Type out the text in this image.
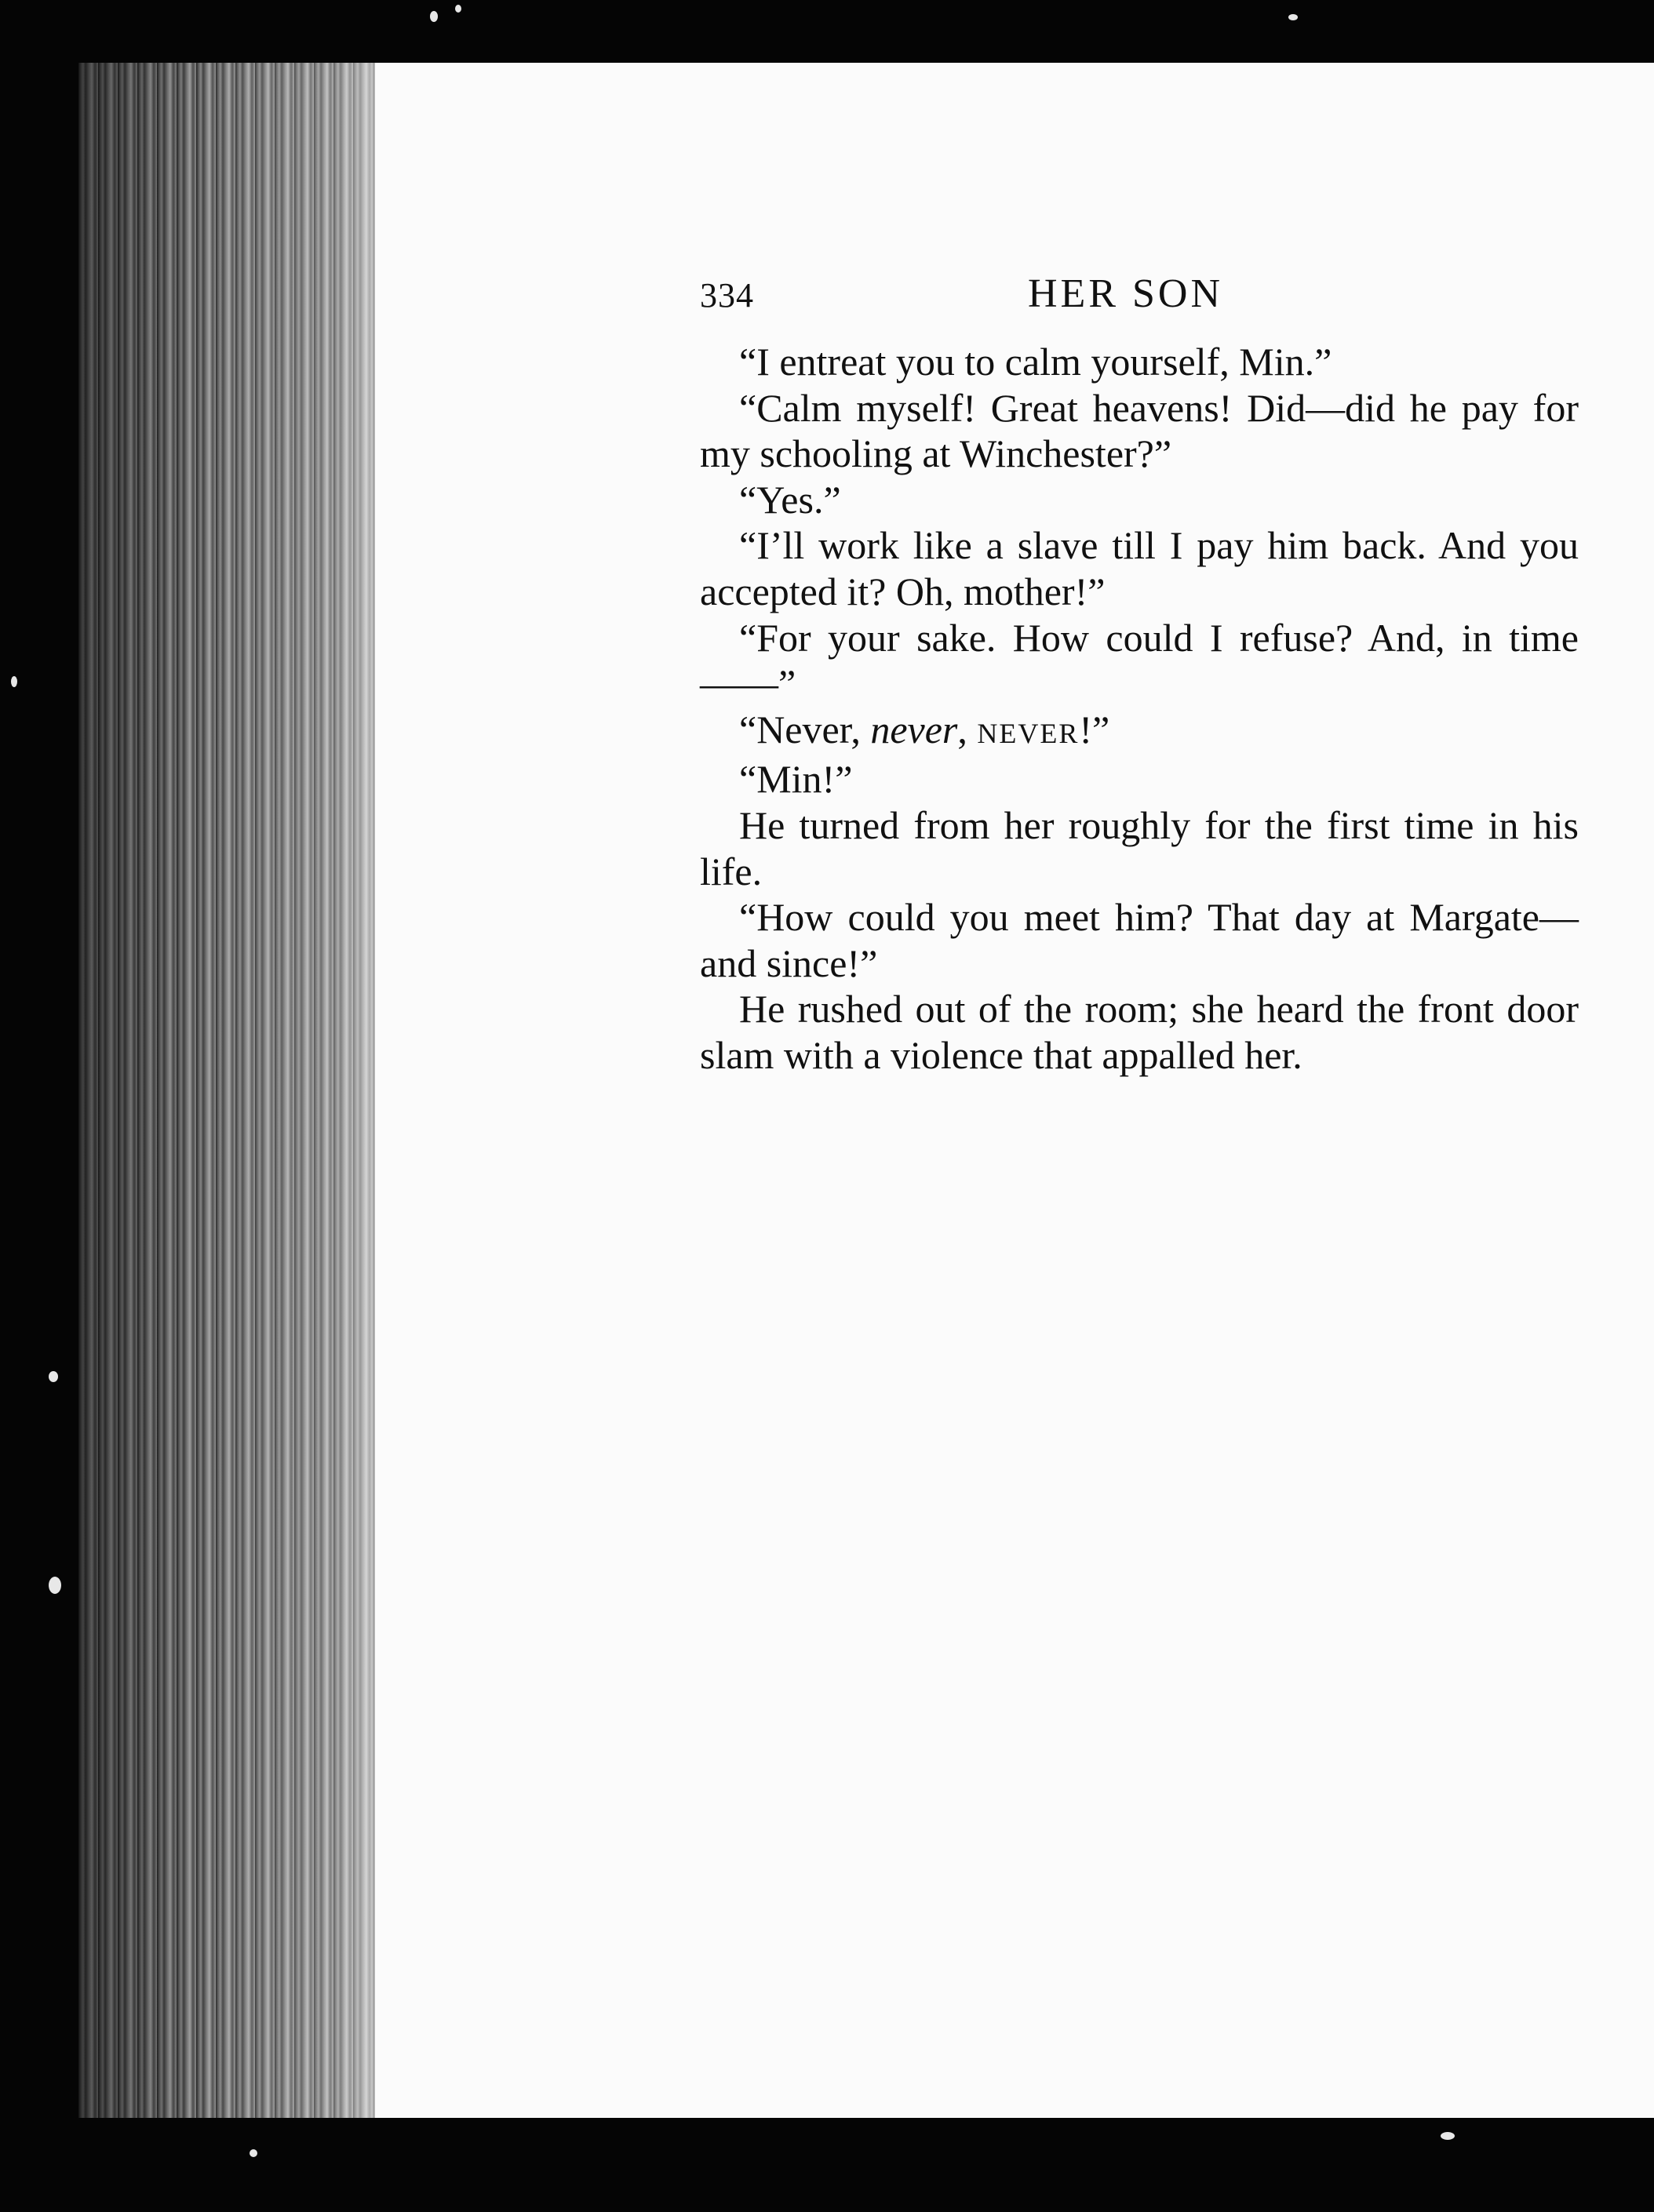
334	HER SON

“I entreat you to calm yourself, Min.”

“Calm myself! Great heavens! Did—did he pay for my schooling at Winchester?”

“Yes.”

“I’ll work like a slave till I pay him back. And you accepted it? Oh, mother!”

“For your sake. How could I refuse? And, in time——”

“Never, never, NEVER!”

“Min!”

He turned from her roughly for the first time in his life.

“How could you meet him? That day at Margate—and since!”

He rushed out of the room; she heard the front door slam with a violence that appalled her.
